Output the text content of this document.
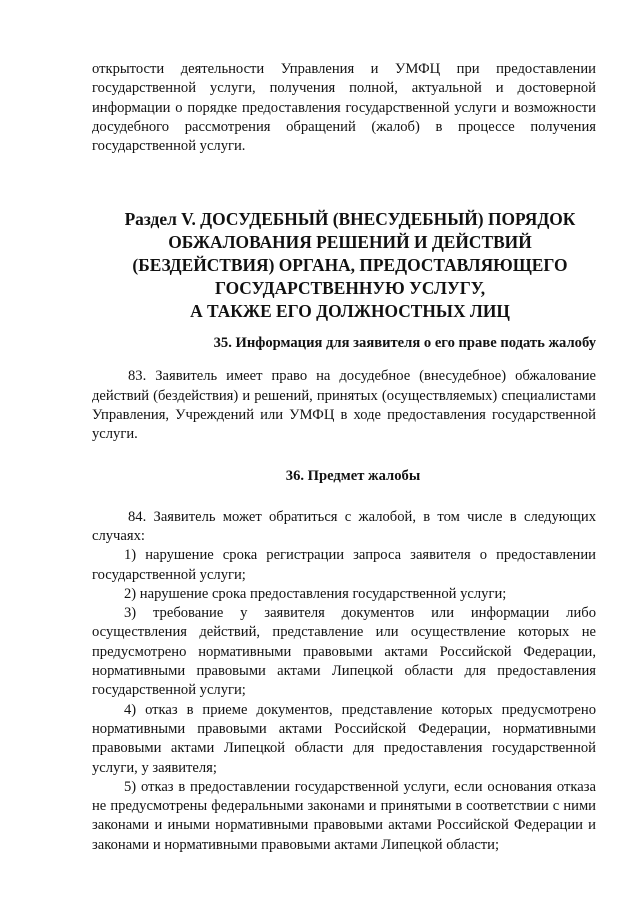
открытости деятельности Управления и УМФЦ при предоставлении государственной услуги, получения полной, актуальной и достоверной информации о порядке предоставления государственной услуги и возможности досудебного рассмотрения обращений (жалоб) в процессе получения государственной услуги.

Раздел V. ДОСУДЕБНЫЙ (ВНЕСУДЕБНЫЙ) ПОРЯДОК
ОБЖАЛОВАНИЯ РЕШЕНИЙ И ДЕЙСТВИЙ
(БЕЗДЕЙСТВИЯ) ОРГАНА, ПРЕДОСТАВЛЯЮЩЕГО
ГОСУДАРСТВЕННУЮ УСЛУГУ,
А ТАКЖЕ ЕГО ДОЛЖНОСТНЫХ ЛИЦ

35. Информация для заявителя о его праве подать жалобу

83. Заявитель имеет право на досудебное (внесудебное) обжалование действий (бездействия) и решений, принятых (осуществляемых) специалистами Управления, Учреждений или УМФЦ в ходе предоставления государственной услуги.

36. Предмет жалобы

84. Заявитель может обратиться с жалобой, в том числе в следующих случаях:

1) нарушение срока регистрации запроса заявителя о предоставлении государственной услуги;

2) нарушение срока предоставления государственной услуги;

3) требование у заявителя документов или информации либо осуществления действий, представление или осуществление которых не предусмотрено нормативными правовыми актами Российской Федерации, нормативными правовыми актами Липецкой области для предоставления государственной услуги;

4) отказ в приеме документов, представление которых предусмотрено нормативными правовыми актами Российской Федерации, нормативными правовыми актами Липецкой области для предоставления государственной услуги, у заявителя;

5) отказ в предоставлении государственной услуги, если основания отказа не предусмотрены федеральными законами и принятыми в соответствии с ними законами и иными нормативными правовыми актами Российской Федерации и законами и нормативными правовыми актами Липецкой области;
